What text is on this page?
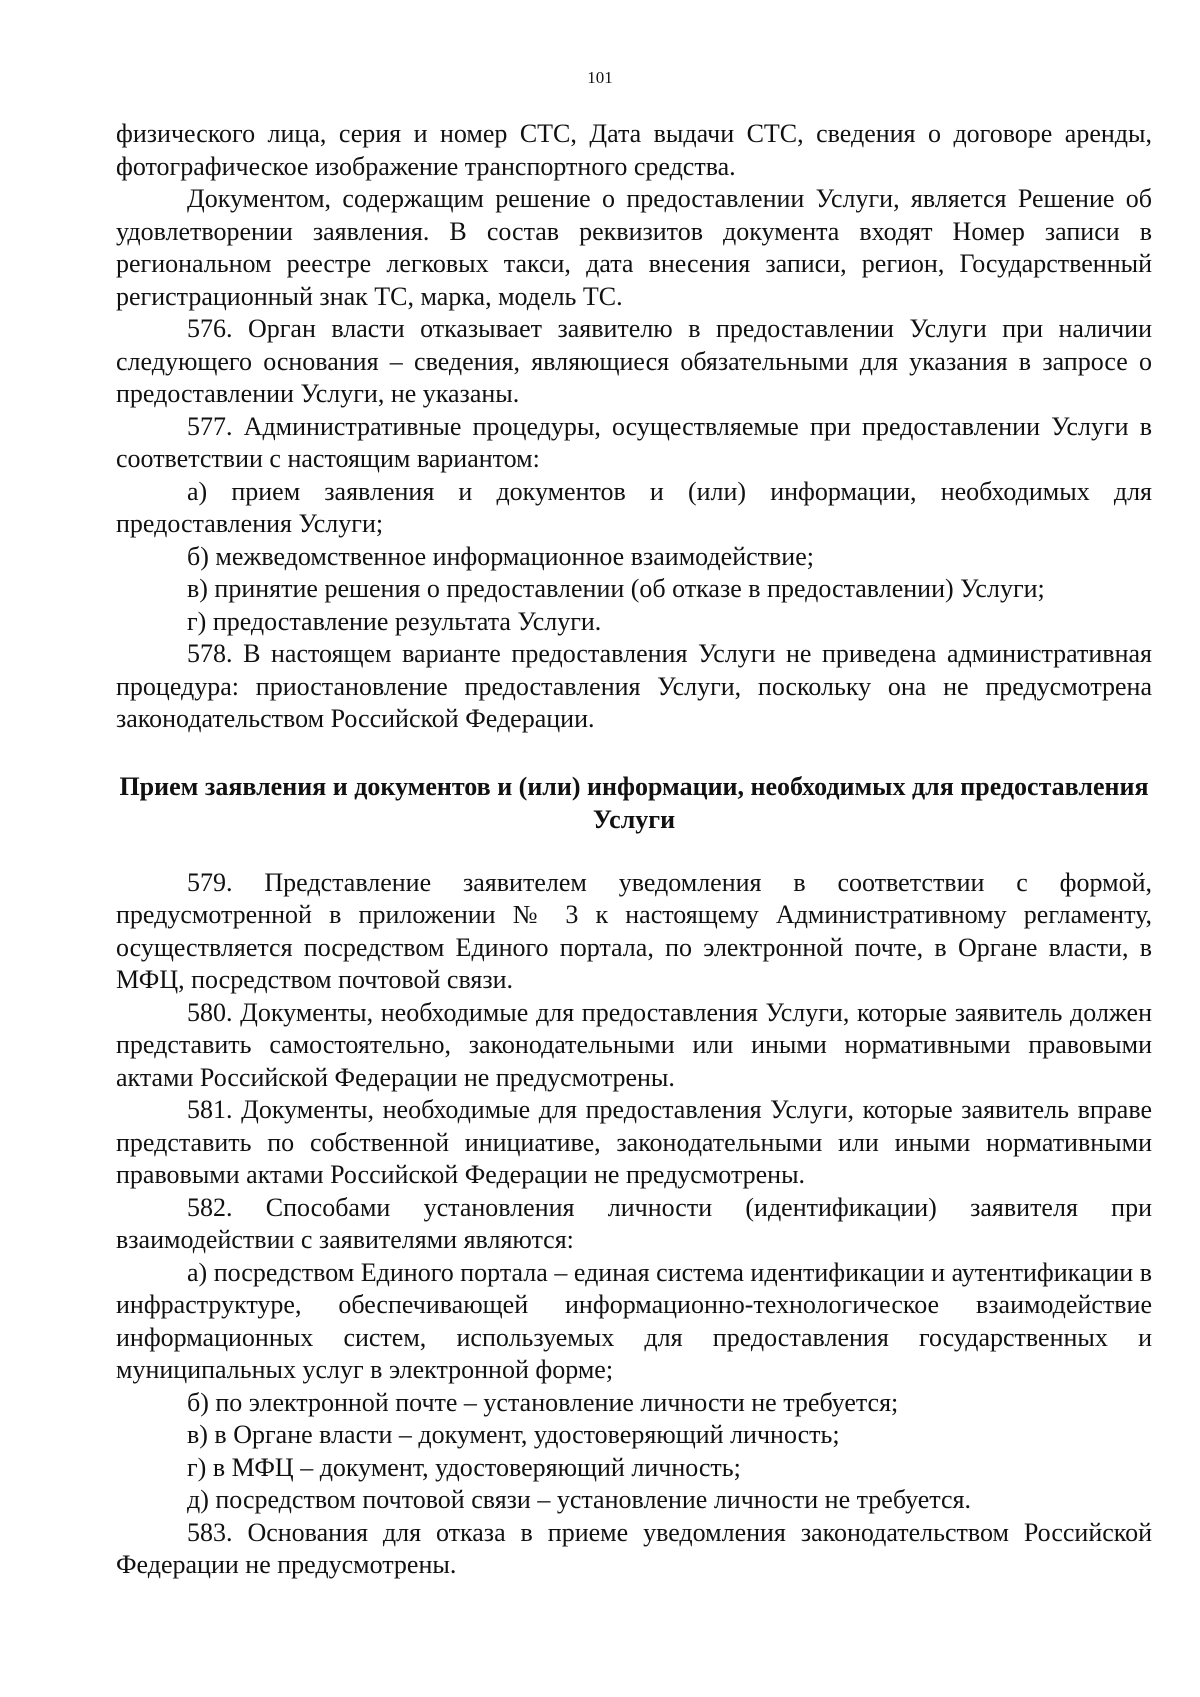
101

физического лица, серия и номер СТС, Дата выдачи СТС, сведения о договоре аренды, фотографическое изображение транспортного средства.

Документом, содержащим решение о предоставлении Услуги, является Решение об удовлетворении заявления. В состав реквизитов документа входят Номер записи в региональном реестре легковых такси, дата внесения записи, регион, Государственный регистрационный знак ТС, марка, модель ТС.

576. Орган власти отказывает заявителю в предоставлении Услуги при наличии следующего основания – сведения, являющиеся обязательными для указания в запросе о предоставлении Услуги, не указаны.

577. Административные процедуры, осуществляемые при предоставлении Услуги в соответствии с настоящим вариантом:

а) прием заявления и документов и (или) информации, необходимых для предоставления Услуги;

б) межведомственное информационное взаимодействие;

в) принятие решения о предоставлении (об отказе в предоставлении) Услуги;

г) предоставление результата Услуги.

578. В настоящем варианте предоставления Услуги не приведена административная процедура: приостановление предоставления Услуги, поскольку она не предусмотрена законодательством Российской Федерации.

Прием заявления и документов и (или) информации, необходимых для предоставления Услуги

579. Представление заявителем уведомления в соответствии с формой, предусмотренной в приложении № 3 к настоящему Административному регламенту, осуществляется посредством Единого портала, по электронной почте, в Органе власти, в МФЦ, посредством почтовой связи.

580. Документы, необходимые для предоставления Услуги, которые заявитель должен представить самостоятельно, законодательными или иными нормативными правовыми актами Российской Федерации не предусмотрены.

581. Документы, необходимые для предоставления Услуги, которые заявитель вправе представить по собственной инициативе, законодательными или иными нормативными правовыми актами Российской Федерации не предусмотрены.

582. Способами установления личности (идентификации) заявителя при взаимодействии с заявителями являются:

а) посредством Единого портала – единая система идентификации и аутентификации в инфраструктуре, обеспечивающей информационно-технологическое взаимодействие информационных систем, используемых для предоставления государственных и муниципальных услуг в электронной форме;

б) по электронной почте – установление личности не требуется;

в) в Органе власти – документ, удостоверяющий личность;

г) в МФЦ – документ, удостоверяющий личность;

д) посредством почтовой связи – установление личности не требуется.

583. Основания для отказа в приеме уведомления законодательством Российской Федерации не предусмотрены.
